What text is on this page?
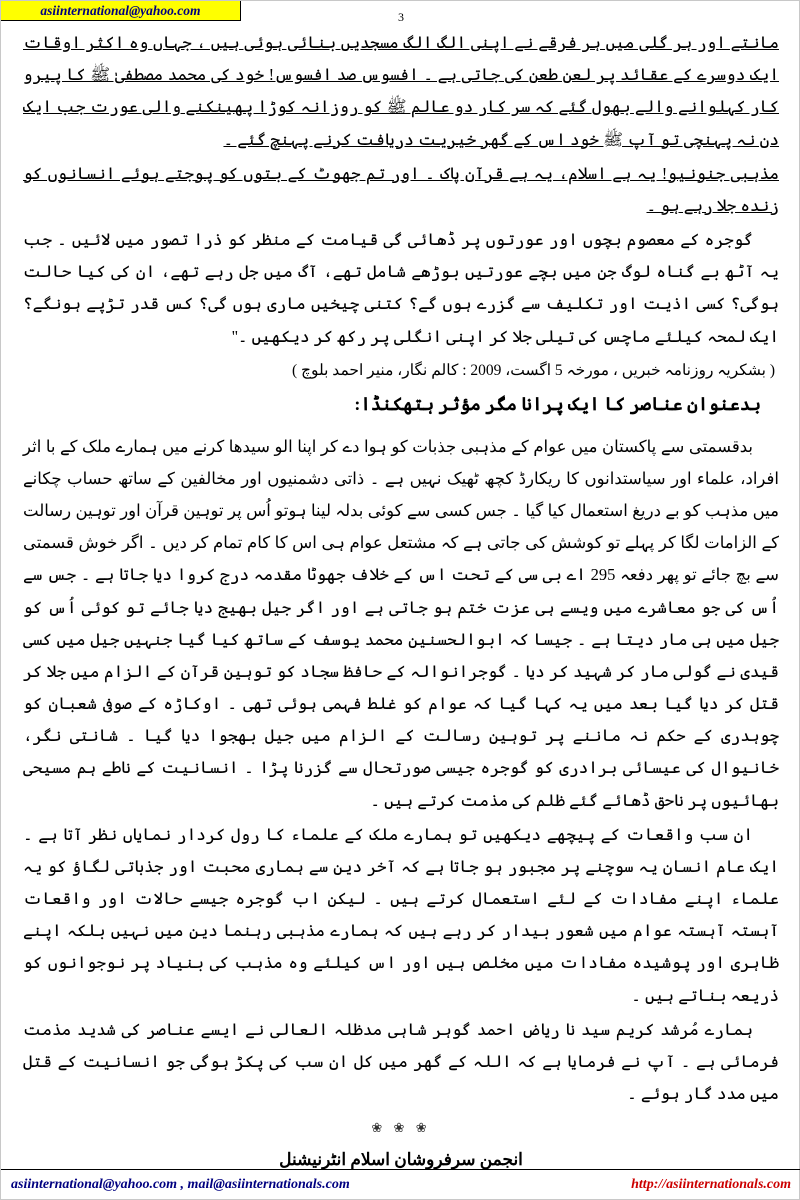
asiinternational@yahoo.com	3

مانتے اور ہر گلی میں ہر فرقے نے اپنی الگ الگ مسجدیں بنائی ہوئی ہیں ، جہاں وہ اکثر اوقات ایک دوسرے کے عقائد پر لعن طعن کی جاتی ہے ۔ افسوس صد افسوس! خود کی محمد مصطفیٰ ﷺ کا پیرو کار کہلوانے والے بھول گئے کہ سر کار دو عالم ﷺ کو روزانہ کوڑا پھینکنے والی عورت جب ایک دن نہ پہنچی تو آپ ﷺ خود اس کے گھر خیریت دریافت کرنے پہنچ گئے ۔

مذہبی جنونیو! یہ ہے اسلام، یہ ہے قرآن پاک ۔ اور تم جھوٹ کے بتوں کو پوجتے ہوئے انسانوں کو زندہ جلا رہے ہو ۔

گوجرہ کے معصوم بچوں اور عورتوں پر ڈھائی گی قیامت کے منظر کو ذرا تصور میں لائیں ۔ جب یہ آٹھ بے گناہ لوگ جن میں بچے عورتیں بوڑھے شامل تھے، آگ میں جل رہے تھے، ان کی کیا حالت ہوگی؟ کسی اذیت اور تکلیف سے گزرے ہوں گے؟ کتنی چیخیں ماری ہوں گی؟ کس قدر تڑپے ہونگے؟ ایک لمحہ کیلئے ماچس کی تیلی جلا کر اپنی انگلی پر رکھ کر دیکھیں ۔''

( بشکریہ روزنامہ خبریں ، مورخہ 5 اگست، 2009 : کالم نگار، منیر احمد بلوچ )

بدعنوان عناصر کا ایک پرانا مگر مؤثر ہتھکنڈا:

بدقسمتی سے پاکستان میں عوام کے مذہبی جذبات کو ہوا دے کر اپنا الو سیدھا کرنے میں ہمارے ملک کے با اثر افراد، علماء اور سیاستدانوں کا ریکارڈ کچھ ٹھیک نہیں ہے ۔ ذاتی دشمنیوں اور مخالفین کے ساتھ حساب چکانے میں مذہب کو بے دریغ استعمال کیا گیا ۔ جس کسی سے کوئی بدلہ لینا ہوتو اُس پر توہین قرآن اور توہین رسالت کے الزامات لگا کر پہلے تو کوشش کی جاتی ہے کہ مشتعل عوام ہی اس کا کام تمام کر دیں ۔ اگر خوش قسمتی سے بچ جائے تو پھر دفعہ 295 اے بی سی کے تحت اس کے خلاف جھوٹا مقدمہ درج کروا دیا جاتا ہے ۔ جس سے اُس کی جو معاشرے میں ویسے ہی عزت ختم ہو جاتی ہے اور اگر جیل بھیج دیا جائے تو کوئی اُس کو جیل میں ہی مار دیتا ہے ۔ جیسا کہ ابوالحسنین محمد یوسف کے ساتھ کیا گیا جنہیں جیل میں کسی قیدی نے گولی مار کر شہید کر دیا ۔ گوجرانوالہ کے حافظ سجاد کو توہین قرآن کے الزام میں جلا کر قتل کر دیا گیا بعد میں یہ کہا گیا کہ عوام کو غلط فہمی ہوئی تھی ۔ اوکاڑہ کے صوفی شعبان کو چوہدری کے حکم نہ ماننے پر توہین رسالت کے الزام میں جیل بھجوا دیا گیا ۔ شانتی نگر، خانیوال کی عیسائی برادری کو گوجرہ جیسی صورتحال سے گزرنا پڑا ۔ انسانیت کے ناطے ہم مسیحی بھائیوں پر ناحق ڈھائے گئے ظلم کی مذمت کرتے ہیں ۔

ان سب واقعات کے پیچھے دیکھیں تو ہمارے ملک کے علماء کا رول کردار نمایاں نظر آتا ہے ۔ ایک عام انسان یہ سوچنے پر مجبور ہو جاتا ہے کہ آخر دین سے ہماری محبت اور جذباتی لگاؤ کو یہ علماء اپنے مفادات کے لئے استعمال کرتے ہیں ۔ لیکن اب گوجرہ جیسے حالات اور واقعات آہستہ آہستہ عوام میں شعور بیدار کر رہے ہیں کہ ہمارے مذہبی رہنما دین میں نہیں بلکہ اپنے ظاہری اور پوشیدہ مفادات میں مخلص ہیں اور اس کیلئے وہ مذہب کی بنیاد پر نوجوانوں کو ذریعہ بناتے ہیں ۔

ہمارے مُرشد کریم سید نا ریاض احمد گوہر شاہی مدظلہ العالی نے ایسے عناصر کی شدید مذمت فرمائی ہے ۔ آپ نے فرمایا ہے کہ اللہ کے گھر میں کل ان سب کی پکڑ ہوگی جو انسانیت کے قتل میں مدد گار ہوئے ۔

❀ ❀ ❀
انجمن سرفروشان اسلام انٹرنیشنل
asiinternational@yahoo.com , mail@asiinternationals.com	http://asiinternationals.com
